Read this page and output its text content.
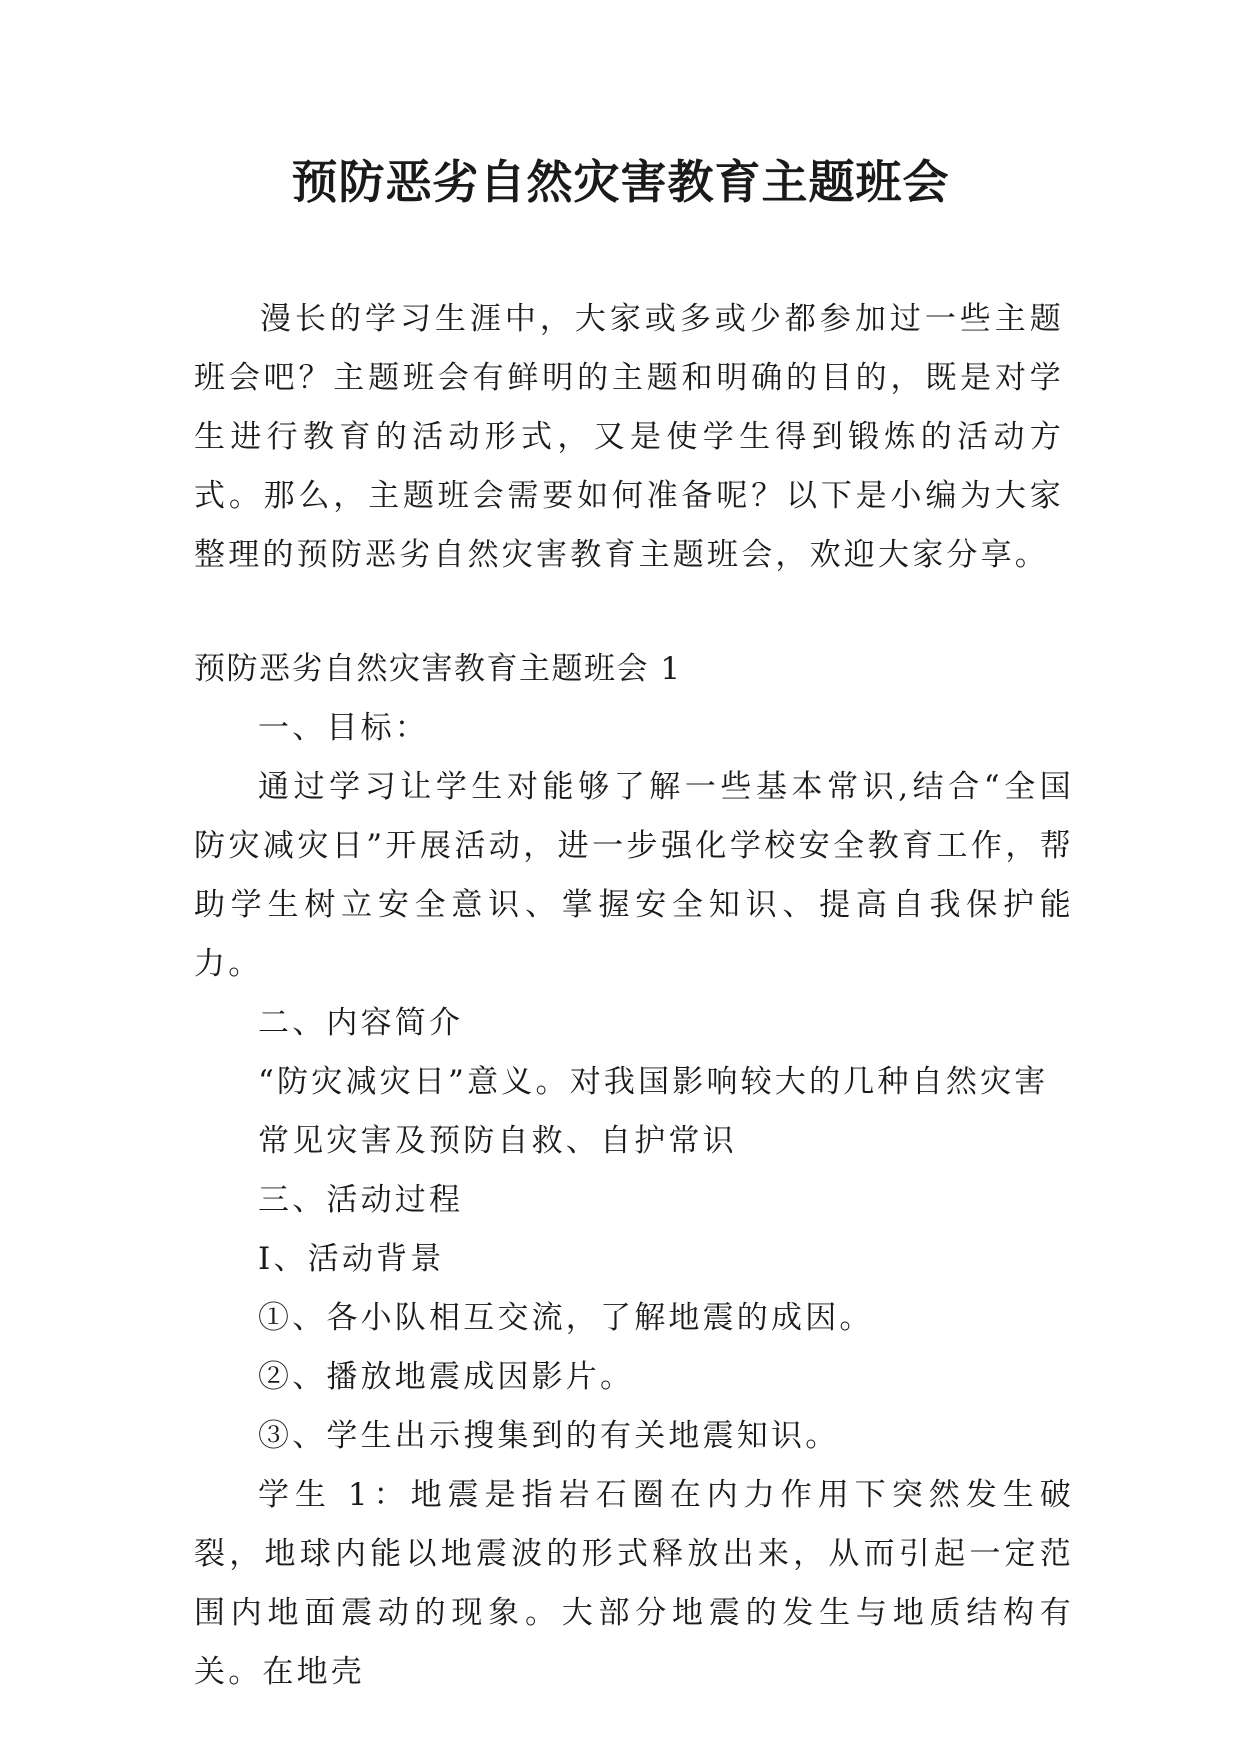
预防恶劣自然灾害教育主题班会

漫长的学习生涯中，大家或多或少都参加过一些主题班会吧？主题班会有鲜明的主题和明确的目的，既是对学生进行教育的活动形式，又是使学生得到锻炼的活动方式。那么，主题班会需要如何准备呢？以下是小编为大家整理的预防恶劣自然灾害教育主题班会，欢迎大家分享。

预防恶劣自然灾害教育主题班会 1

一、目标：

通过学习让学生对能够了解一些基本常识,结合“全国防灾减灾日”开展活动，进一步强化学校安全教育工作，帮助学生树立安全意识、掌握安全知识、提高自我保护能力。

二、内容简介

“防灾减灾日”意义。对我国影响较大的几种自然灾害

常见灾害及预防自救、自护常识

三、活动过程

Ⅰ、活动背景

①、各小队相互交流，了解地震的成因。

②、播放地震成因影片。

③、学生出示搜集到的有关地震知识。

学生 1：地震是指岩石圈在内力作用下突然发生破裂，地球内能以地震波的形式释放出来，从而引起一定范围内地面震动的现象。大部分地震的发生与地质结构有关。在地壳
